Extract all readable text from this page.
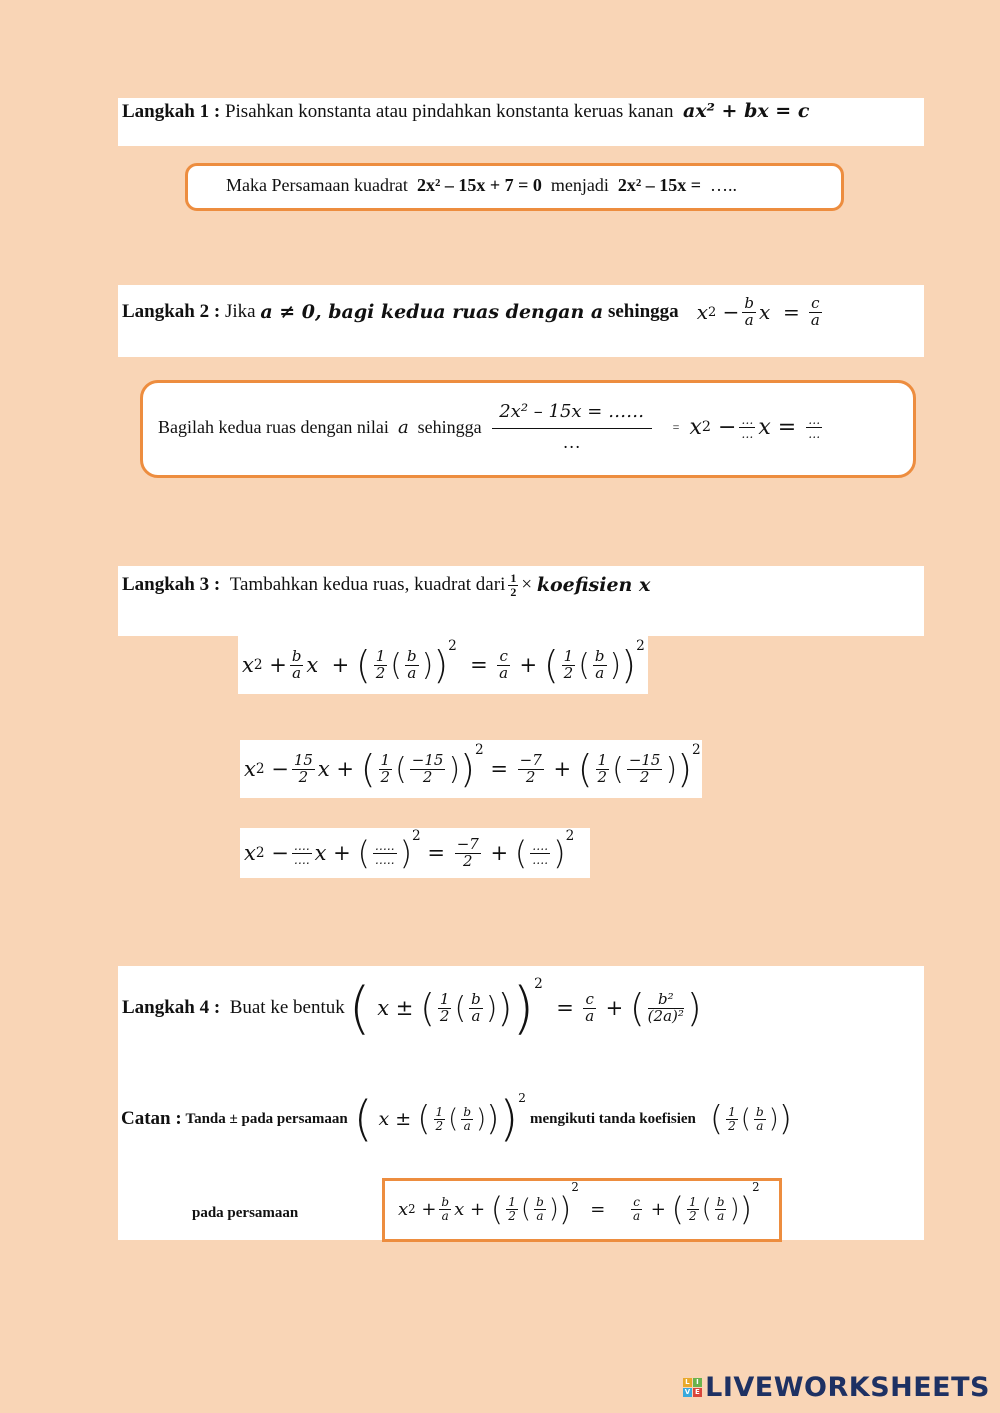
Langkah 1 : Pisahkan konstanta atau pindahkan konstanta keruas kanan ax² + bx = c
Maka Persamaan kuadrat 2x² – 15x + 7 = 0 menjadi 2x² – 15x = …..
Langkah 2 :
Jika
a ≠ 0, bagi kedua ruas dengan a
sehingga x $2 - \frac{b}{a}$ $x = \frac{c}{a}$
Bagilah kedua ruas dengan nilai
a
sehingga $\frac{\text{2x² – 15x = ……}}{\dots} = x$ $2 - \frac{\dots}{\dots}$ $x = \frac{\dots}{\dots}$
Langkah 3 :
Tambahkan kedua ruas, kuadrat dari $\frac{1}{2}$ ×
koefisien x
x $2 + \frac{b}{a}$ x  + ( $\frac{1}{2}$ ( $\frac{b}{a}$ ) ) 2
= $\frac{c}{a}$ + ( $\frac{1}{2}$ ( $\frac{b}{a}$ ) ) 2
x $2 - \frac{15}{2}$ x + ( $\frac{1}{2}$ ( $\frac{-15}{2}$ ) ) 2
= $\frac{-7}{2}$ + ( $\frac{1}{2}$ ( $\frac{-15}{2}$ ) ) 2
x $2 - \frac{\dots.}{\dots.}$ x + ( $\frac{\dots..}{\dots..}$ ) 2
= $\frac{-7}{2}$ + ( $\frac{\dots.}{\dots.}$ ) 2
Langkah 4 :
Buat ke bentuk ( x ± ( $\frac{1}{2}$ ( $\frac{b}{a}$ ) ) ) 2
= $\frac{c}{a}$ + ( $\frac{\text{b²}}{\text{(2a)²}}$ )
Catan :
Tanda ± pada persamaan ( x ± ( $\frac{1}{2}$ ( $\frac{b}{a}$ ) ) ) 2
mengikuti tanda koefisien ( $\frac{1}{2}$ ( $\frac{b}{a}$ ) )
pada persamaan	x $2 + \frac{b}{a}$ x + ( $\frac{1}{2}$ ( $\frac{b}{a}$ ) )
2
= $\frac{c}{a}$ + ( $\frac{1}{2}$ ( $\frac{b}{a}$ ) )
2
L I
V E LIVEWORKSHEETS
